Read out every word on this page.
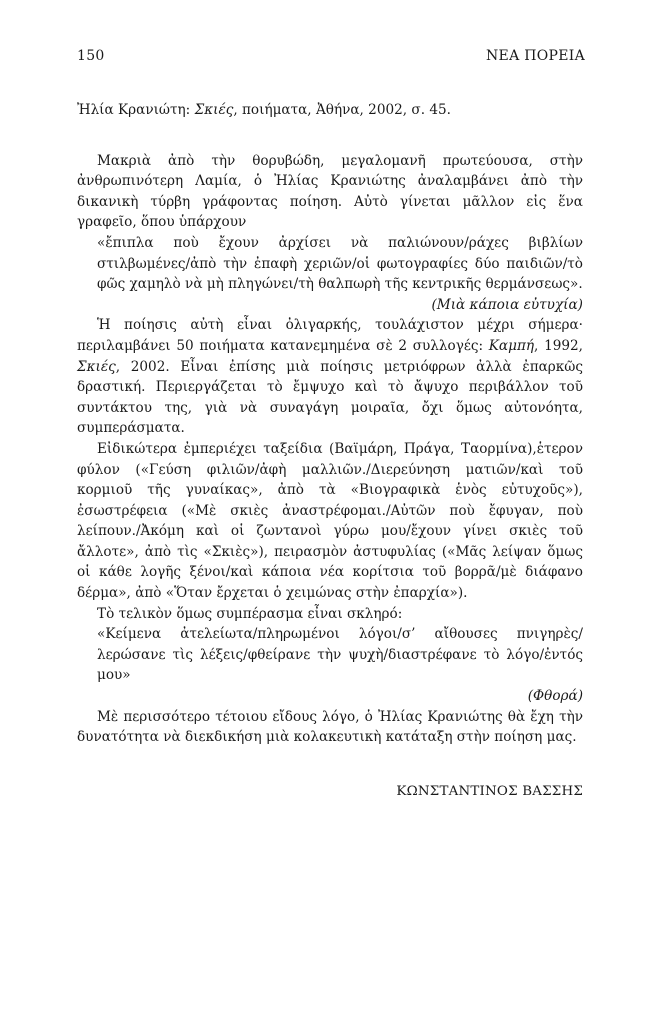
150	ΝΕΑ ΠΟΡΕΙΑ

Ἠλία Κρανιώτη: Σκιές, ποιήματα, Ἀθήνα, 2002, σ. 45.

Μακριὰ ἀπὸ τὴν θορυβώδη, μεγαλομανῆ πρωτεύουσα, στὴν ἀνθρωπινότερη Λαμία, ὁ Ἠλίας Κρανιώτης ἀναλαμβάνει ἀπὸ τὴν δικανικὴ τύρβη γράφοντας ποίηση. Αὐτὸ γίνεται μᾶλλον εἰς ἕνα γραφεῖο, ὅπου ὑπάρχουν

«ἔπιπλα ποὺ ἔχουν ἀρχίσει νὰ παλιώνουν/ράχες βιβλίων στιλβωμένες/ἀπὸ τὴν ἐπαφὴ χεριῶν/οἱ φωτογραφίες δύο παιδιῶν/τὸ φῶς χαμηλὸ νὰ μὴ πληγώνει/τὴ θαλπωρὴ τῆς κεντρικῆς θερμάνσεως».

(Μιὰ κάποια εὐτυχία)

Ἡ ποίησις αὐτὴ εἶναι ὀλιγαρκής, τουλάχιστον μέχρι σήμερα· περιλαμβάνει 50 ποιήματα κατανεμημένα σὲ 2 συλλογές: Καμπή, 1992, Σκιές, 2002. Εἶναι ἐπίσης μιὰ ποίησις μετριόφρων ἀλλὰ ἐπαρκῶς δραστική. Περιεργάζεται τὸ ἔμψυχο καὶ τὸ ἄψυχο περιβάλλον τοῦ συντάκτου της, γιὰ νὰ συναγάγη μοιραῖα, ὄχι ὅμως αὐτονόητα, συμπεράσματα.

Εἰδικώτερα ἐμπεριέχει ταξείδια (Βαϊμάρη, Πράγα, Ταορμίνα),ἑτερον φύλον («Γεύση φιλιῶν/ἀφὴ μαλλιῶν./Διερεύνηση ματιῶν/καὶ τοῦ κορμιοῦ τῆς γυναίκας», ἀπὸ τὰ «Βιογραφικὰ ἑνὸς εὐτυχοῦς»), ἐσωστρέφεια («Μὲ σκιὲς ἀναστρέφομαι./Αὐτῶν ποὺ ἔφυγαν, ποὺ λείπουν./Ἀκόμη καὶ οἱ ζωντανοὶ γύρω μου/ἔχουν γίνει σκιὲς τοῦ ἄλλοτε», ἀπὸ τὶς «Σκιὲς»), πειρασμὸν ἀστυφυλίας («Μᾶς λείψαν ὅμως οἱ κάθε λογῆς ξένοι/καὶ κάποια νέα κορίτσια τοῦ βορρᾶ/μὲ διάφανο δέρμα», ἀπὸ «Ὅταν ἔρχεται ὁ χειμώνας στὴν ἐπαρχία»).

Τὸ τελικὸν ὅμως συμπέρασμα εἶναι σκληρό:

«Κείμενα ἀτελείωτα/πληρωμένοι λόγοι/σ’ αἴθουσες πνιγηρὲς/λερώσανε τὶς λέξεις/φθείρανε τὴν ψυχὴ/διαστρέφανε τὸ λόγο/ἐντός μου»

(Φθορά)

Μὲ περισσότερο τέτοιου εἴδους λόγο, ὁ Ἠλίας Κρανιώτης θὰ ἔχη τὴν δυνατότητα νὰ διεκδικήση μιὰ κολακευτικὴ κατάταξη στὴν ποίηση μας.

ΚΩΝΣΤΑΝΤΙΝΟΣ ΒΑΣΣΗΣ
